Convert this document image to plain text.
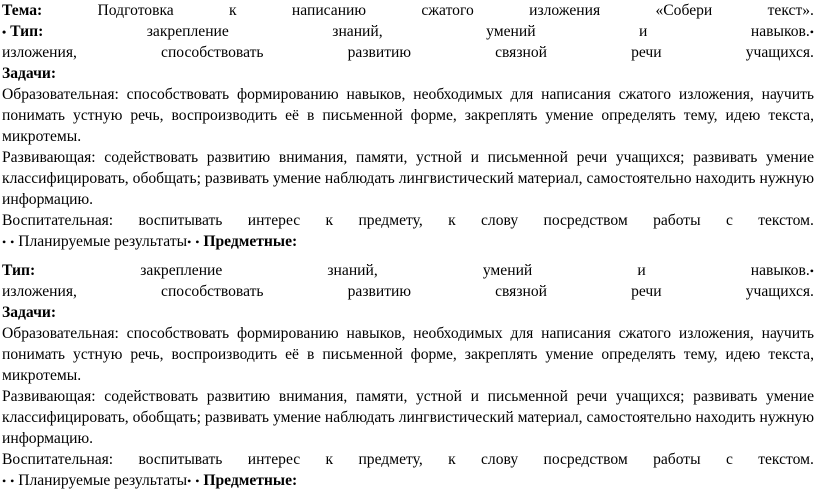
Тема:	Подготовка	к	написанию	сжатого	изложения	«Собери	текст».
• Тип:	закрепление	знаний,	умений	и	навыков.•
изложения,	способствовать	развитию	связной	речи	учащихся.
Задачи:
Образовательная: способствовать формированию навыков, необходимых для написания сжатого изложения, научить понимать устную речь, воспроизводить её в письменной форме, закреплять умение определять тему, идею текста, микротемы.
Развивающая: содействовать развитию внимания, памяти, устной и письменной речи учащихся; развивать умение классифицировать, обобщать; развивать умение наблюдать лингвистический материал, самостоятельно находить нужную информацию.
Воспитательная: воспитывать интерес к предмету, к слову посредством работы с текстом.
• • Планируемые результаты• • Предметные:
Тип:	закрепление	знаний,	умений	и	навыков.•
изложения,	способствовать	развитию	связной	речи	учащихся.
Задачи:
Образовательная: способствовать формированию навыков, необходимых для написания сжатого изложения, научить понимать устную речь, воспроизводить её в письменной форме, закреплять умение определять тему, идею текста, микротемы.
Развивающая: содействовать развитию внимания, памяти, устной и письменной речи учащихся; развивать умение классифицировать, обобщать; развивать умение наблюдать лингвистический материал, самостоятельно находить нужную информацию.
Воспитательная: воспитывать интерес к предмету, к слову посредством работы с текстом.
• • Планируемые результаты• • Предметные:
